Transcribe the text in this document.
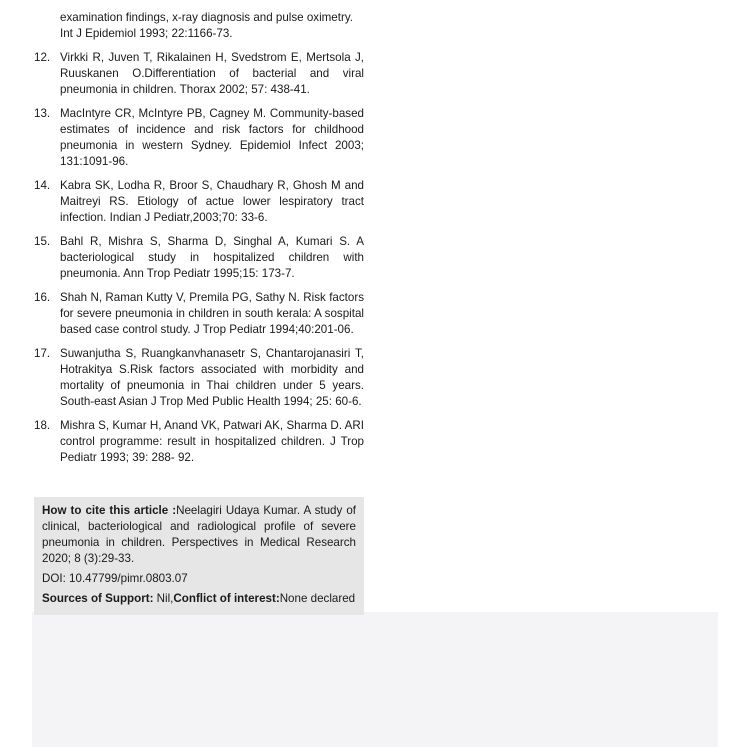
examination findings, x-ray diagnosis and pulse oximetry. Int J Epidemiol 1993; 22:1166-73.
12. Virkki R, Juven T, Rikalainen H, Svedstrom E, Mertsola J, Ruuskanen O.Differentiation of bacterial and viral pneumonia in children. Thorax 2002; 57: 438-41.
13. MacIntyre CR, McIntyre PB, Cagney M. Community-based estimates of incidence and risk factors for childhood pneumonia in western Sydney. Epidemiol Infect 2003; 131:1091-96.
14. Kabra SK, Lodha R, Broor S, Chaudhary R, Ghosh M and Maitreyi RS. Etiology of actue lower lespiratory tract infection. Indian J Pediatr,2003;70: 33-6.
15. Bahl R, Mishra S, Sharma D, Singhal A, Kumari S. A bacteriological study in hospitalized children with pneumonia. Ann Trop Pediatr 1995;15: 173-7.
16. Shah N, Raman Kutty V, Premila PG, Sathy N. Risk factors for severe pneumonia in children in south kerala: A sospital based case control study. J Trop Pediatr 1994;40:201-06.
17. Suwanjutha S, Ruangkanvhanasetr S, Chantarojanasiri T, Hotrakitya S.Risk factors associated with morbidity and mortality of pneumonia in Thai children under 5 years. South-east Asian J Trop Med Public Health 1994; 25: 60-6.
18. Mishra S, Kumar H, Anand VK, Patwari AK, Sharma D. ARI control programme: result in hospitalized children. J Trop Pediatr 1993; 39: 288- 92.

How to cite this article :Neelagiri Udaya Kumar. A study of clinical, bacteriological and radiological profile of severe pneumonia in children. Perspectives in Medical Research 2020; 8 (3):29-33.

DOI: 10.47799/pimr.0803.07

Sources of Support: Nil,Conflict of interest:None declared
